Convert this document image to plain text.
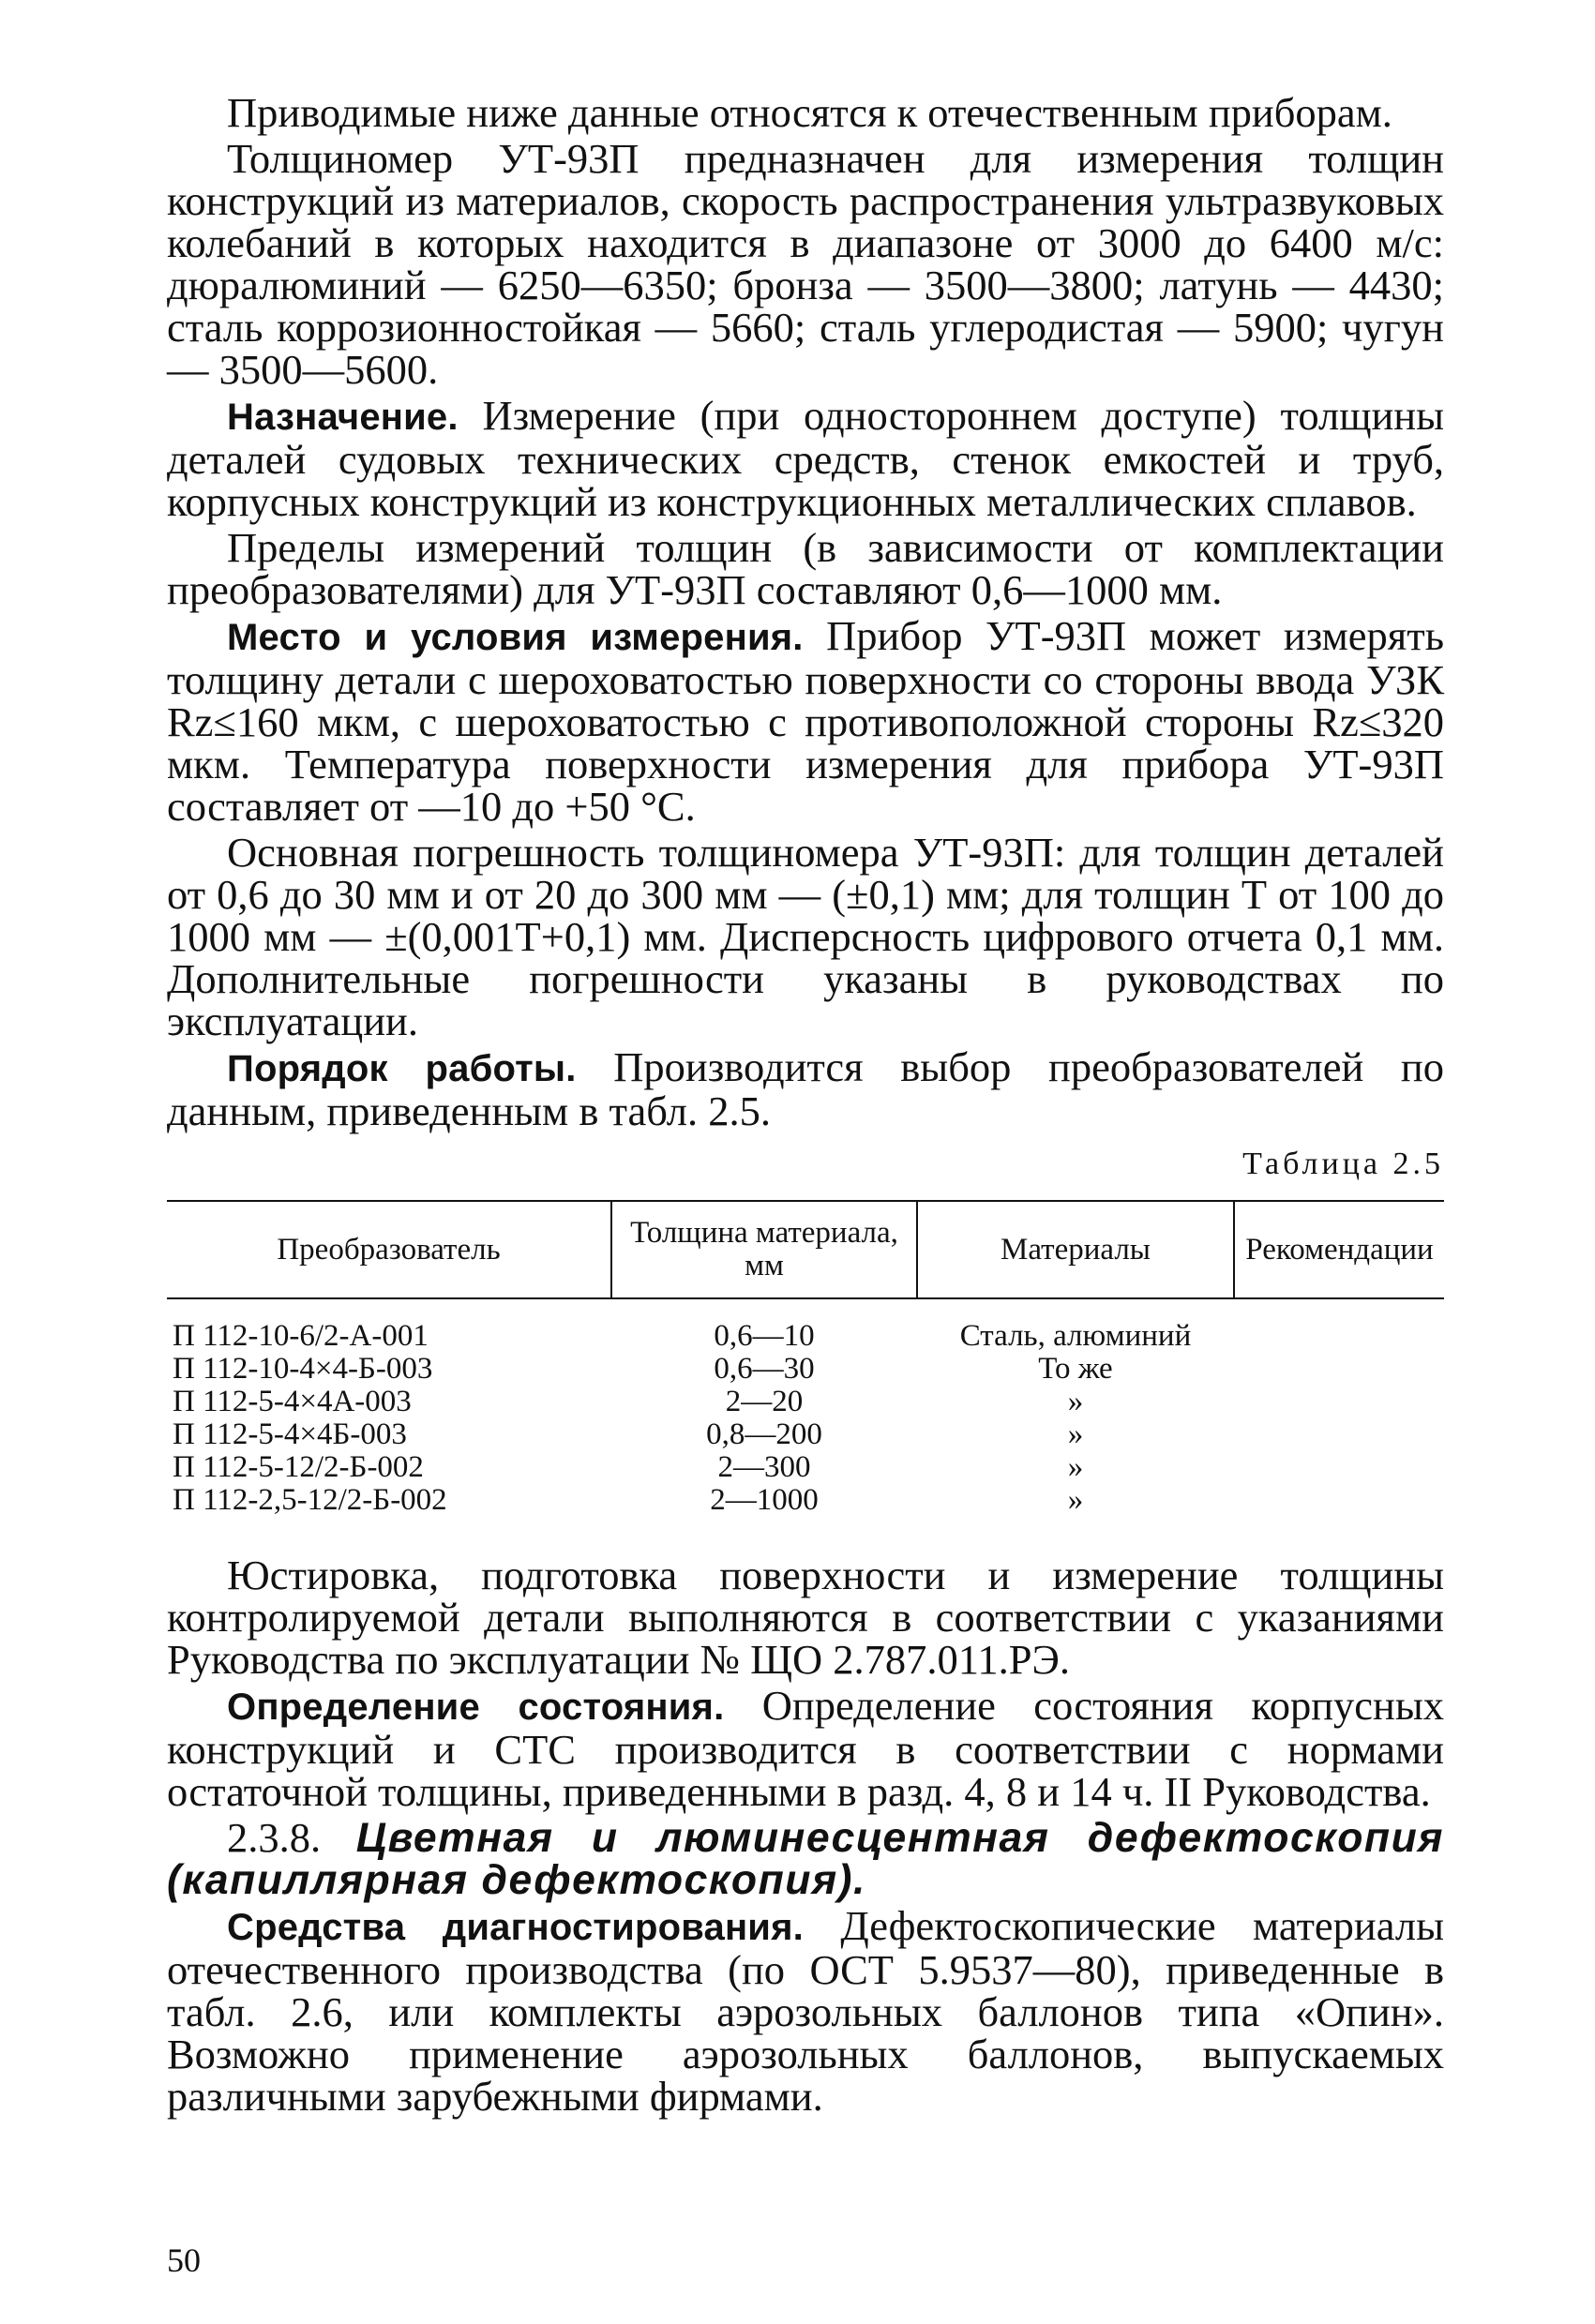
Приводимые ниже данные относятся к отечественным приборам.

Толщиномер УТ-93П предназначен для измерения толщин конструкций из материалов, скорость распространения ультразвуковых колебаний в которых находится в диапазоне от 3000 до 6400 м/с: дюралюминий — 6250—6350; бронза — 3500—3800; латунь — 4430; сталь коррозионностойкая — 5660; сталь углеродистая — 5900; чугун — 3500—5600.

Назначение. Измерение (при одностороннем доступе) толщины деталей судовых технических средств, стенок емкостей и труб, корпусных конструкций из конструкционных металлических сплавов.

Пределы измерений толщин (в зависимости от комплектации преобразователями) для УТ-93П составляют 0,6—1000 мм.

Место и условия измерения. Прибор УТ-93П может измерять толщину детали с шероховатостью поверхности со стороны ввода УЗК Rz≤160 мкм, с шероховатостью с противоположной стороны Rz≤320 мкм. Температура поверхности измерения для прибора УТ-93П составляет от —10 до +50 °С.

Основная погрешность толщиномера УТ-93П: для толщин деталей от 0,6 до 30 мм и от 20 до 300 мм — (±0,1) мм; для толщин Т от 100 до 1000 мм — ±(0,001Т+0,1) мм. Дисперсность цифрового отчета 0,1 мм. Дополнительные погрешности указаны в руководствах по эксплуатации.

Порядок работы. Производится выбор преобразователей по данным, приведенным в табл. 2.5.

Таблица 2.5
Преобразователь	Толщина материала, мм	Материалы	Рекомендации
П 112-10-6/2-А-001	0,6—10	Сталь, алюминий	
П 112-10-4×4-Б-003	0,6—30	То же	
П 112-5-4×4А-003	2—20	»	
П 112-5-4×4Б-003	0,8—200	»	
П 112-5-12/2-Б-002	2—300	»	
П 112-2,5-12/2-Б-002	2—1000	»	

Юстировка, подготовка поверхности и измерение толщины контролируемой детали выполняются в соответствии с указаниями Руководства по эксплуатации № ЩО 2.787.011.РЭ.

Определение состояния. Определение состояния корпусных конструкций и СТС производится в соответствии с нормами остаточной толщины, приведенными в разд. 4, 8 и 14 ч. II Руководства.

2.3.8. Цветная и люминесцентная дефектоскопия (капиллярная дефектоскопия).

Средства диагностирования. Дефектоскопические материалы отечественного производства (по ОСТ 5.9537—80), приведенные в табл. 2.6, или комплекты аэрозольных баллонов типа «Опин». Возможно применение аэрозольных баллонов, выпускаемых различными зарубежными фирмами.

50
